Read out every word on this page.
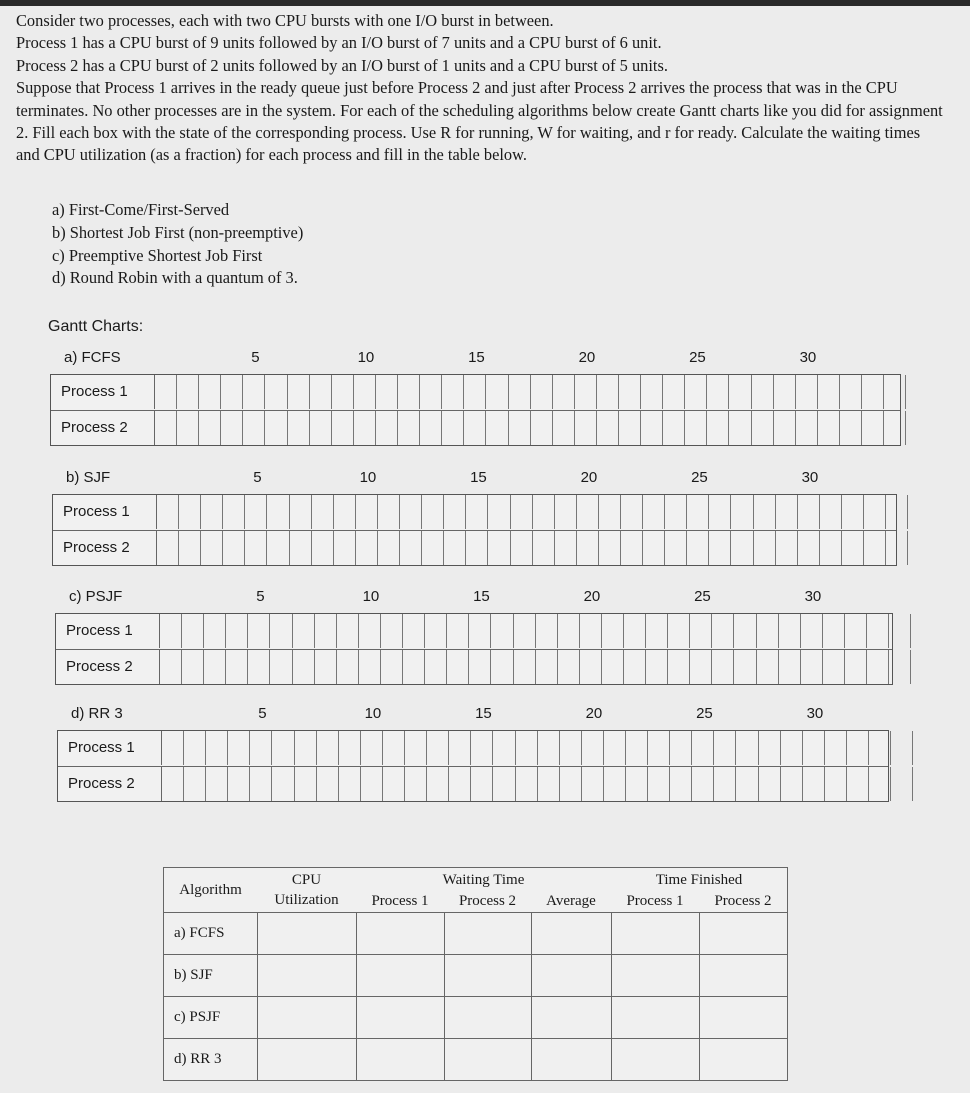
Consider two processes, each with two CPU bursts with one I/O burst in between.

Process 1 has a CPU burst of 9 units followed by an I/O burst of 7 units and a CPU burst of 6 unit.

Process 2 has a CPU burst of 2 units followed by an I/O burst of 1 units and a CPU burst of 5 units.

Suppose that Process 1 arrives in the ready queue just before Process 2 and just after Process 2 arrives the process that was in the CPU terminates. No other processes are in the system. For each of the scheduling algorithms below create Gantt charts like you did for assignment 2. Fill each box with the state of the corresponding process. Use R for running, W for waiting, and r for ready. Calculate the waiting times and CPU utilization (as a fraction) for each process and fill in the table below.

a) First-Come/First-Served
b) Shortest Job First (non-preemptive)
c) Preemptive Shortest Job First
d) Round Robin with a quantum of 3.
Gantt Charts:
a) FCFS	5	10	15	20	25	30
Process 1
Process 2
b) SJF	5	10	15	20	25	30
Process 1
Process 2
c) PSJF	5	10	15	20	25	30
Process 1
Process 2
d) RR 3	5	10	15	20	25	30
Process 1
Process 2
Algorithm	CPU
Utilization	Waiting Time			Time Finished	
		Process 1	Process 2	Average	Process 1	Process 2
a) FCFS						
b) SJF						
c) PSJF						
d) RR 3						
